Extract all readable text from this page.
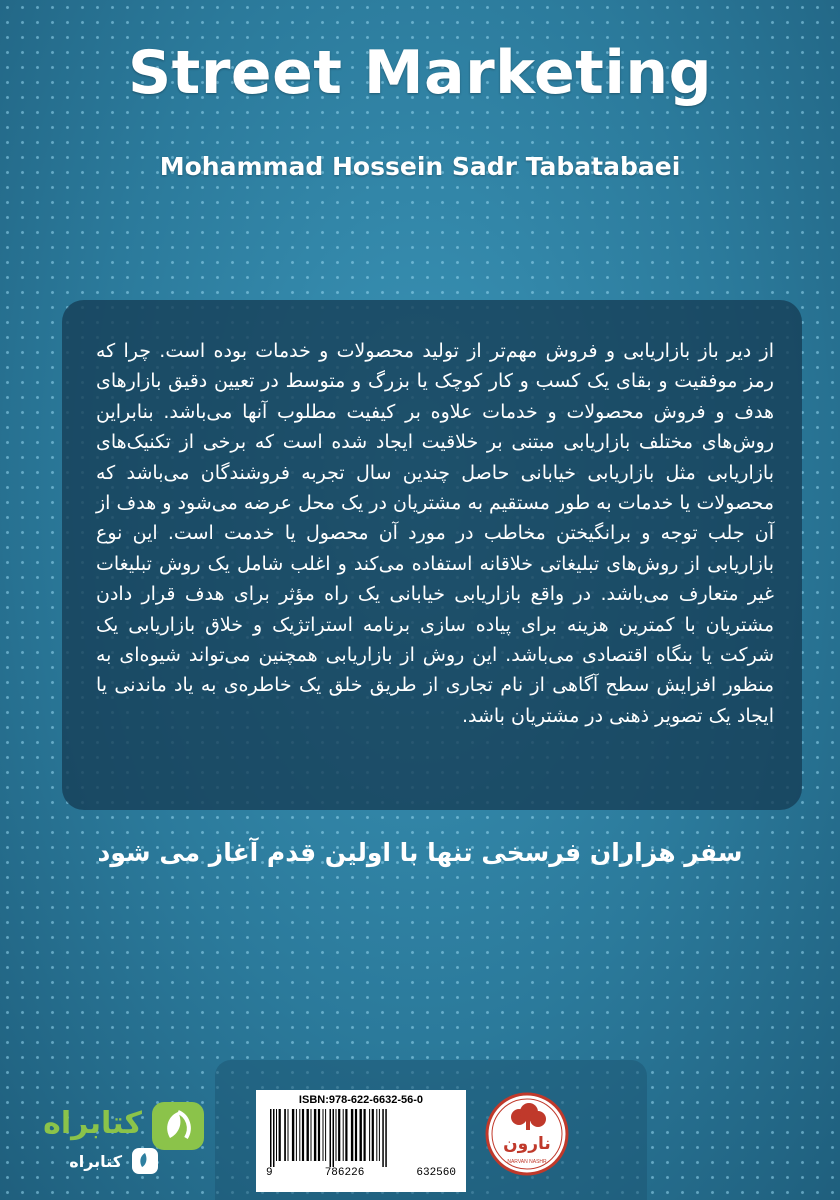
Street Marketing
Mohammad Hossein Sadr Tabatabaei

از دیر باز بازاریابی و فروش مهم‌تر از تولید محصولات و خدمات بوده است. چرا که رمز موفقیت و بقای یک کسب و کار کوچک یا بزرگ و متوسط در تعیین دقیق بازارهای هدف و فروش محصولات و خدمات علاوه بر کیفیت مطلوب آنها می‌باشد. بنابراین روش‌های مختلف بازاریابی مبتنی بر خلاقیت ایجاد شده است که برخی از تکنیک‌های بازاریابی مثل بازاریابی خیابانی حاصل چندین سال تجربه فروشندگان می‌باشد که محصولات یا خدمات به طور مستقیم به مشتریان در یک محل عرضه می‌شود و هدف از آن جلب توجه و برانگیختن مخاطب در مورد آن محصول یا خدمت است. این نوع بازاریابی از روش‌های تبلیغاتی خلاقانه استفاده می‌کند و اغلب شامل یک روش تبلیغات غیر متعارف می‌باشد. در واقع بازاریابی خیابانی یک راه مؤثر برای هدف قرار دادن مشتریان با کمترین هزینه برای پیاده سازی برنامه استراتژیک و خلاق بازاریابی یک شرکت یا بنگاه اقتصادی می‌باشد. این روش از بازاریابی همچنین می‌تواند شیوه‌ای به منظور افزایش سطح آگاهی از نام تجاری از طریق خلق یک خاطره‌ی به یاد ماندنی یا ایجاد یک تصویر ذهنی در مشتریان باشد.

سفر هزاران فرسخی تنها با اولین قدم آغاز می شود
ISBN:978-622-6632-56-0
9	786226	632560
نارون
NARVAN NASHR
کتابراه
کتابراه
